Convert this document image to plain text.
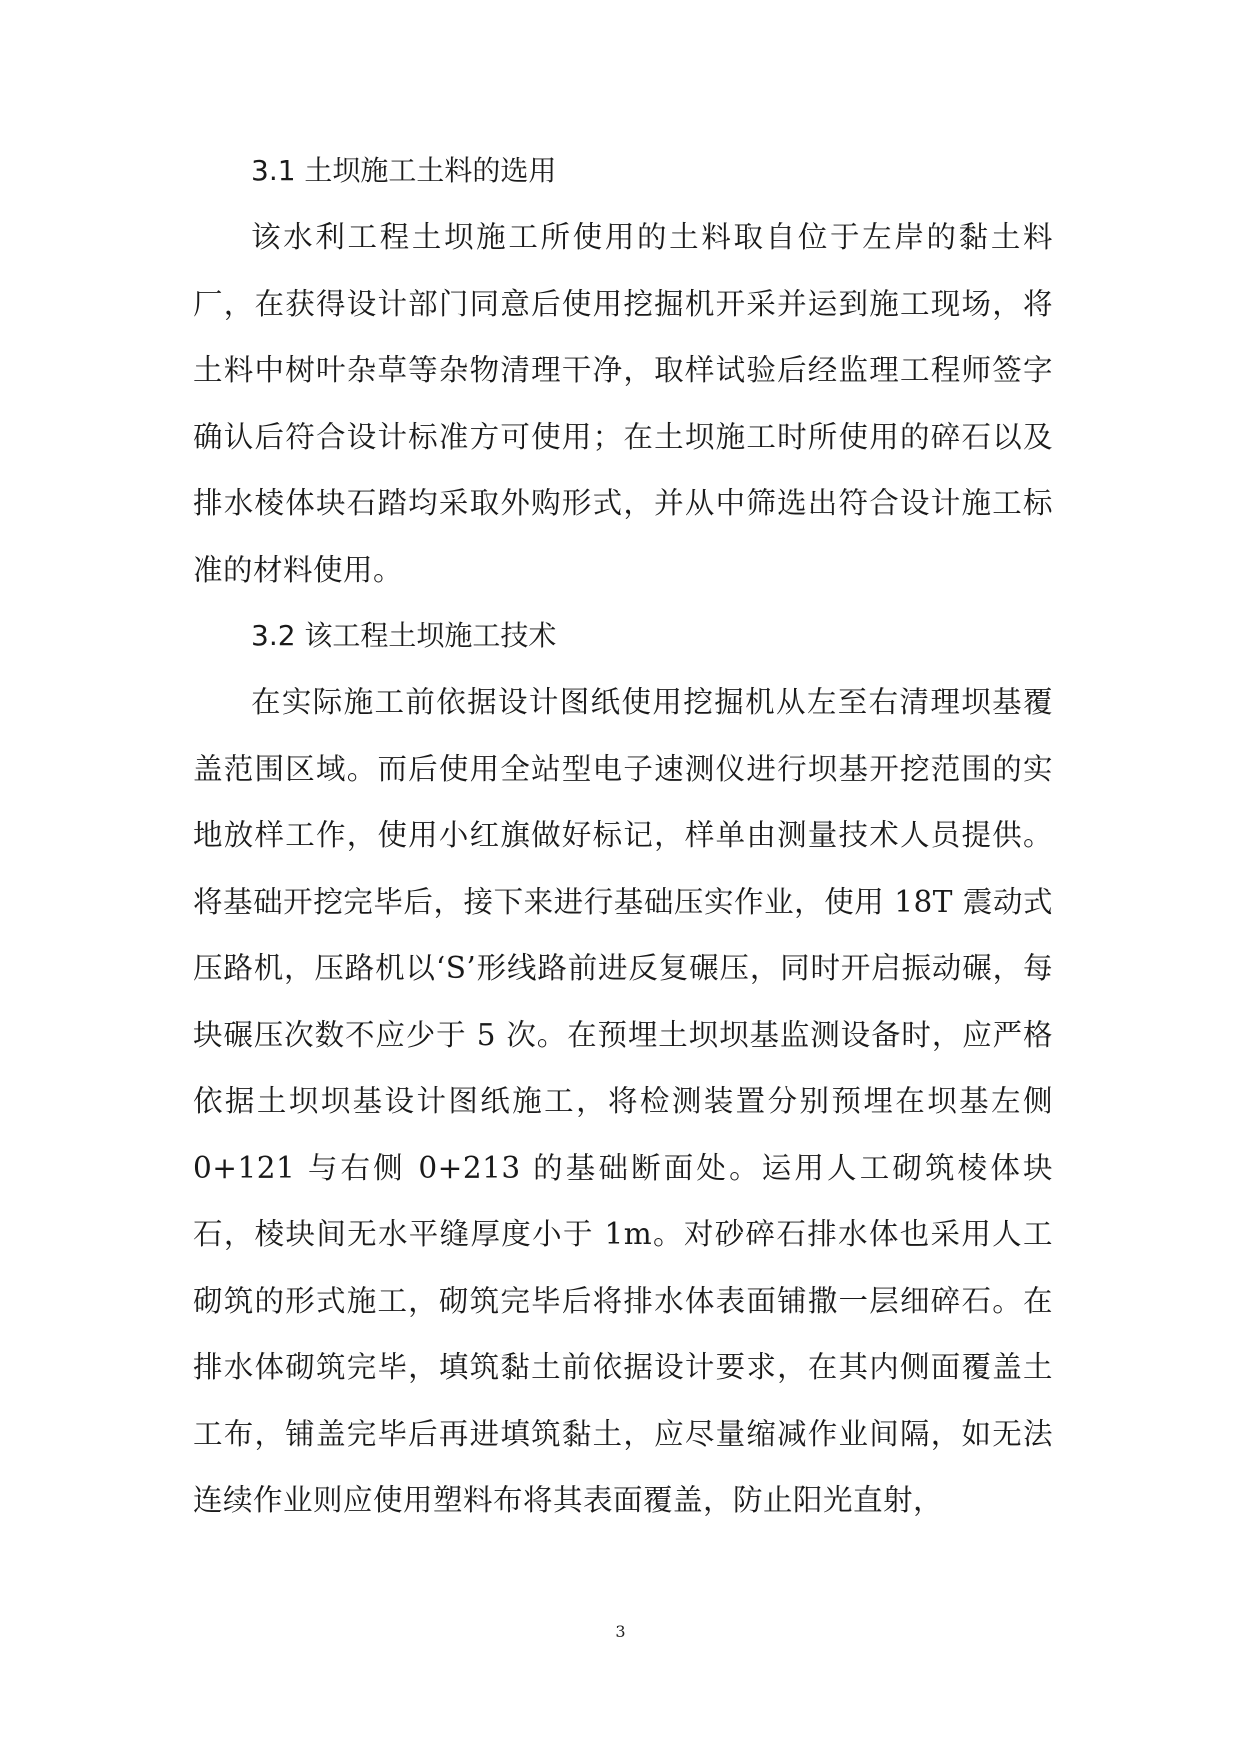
3.1 土坝施工土料的选用

该水利工程土坝施工所使用的土料取自位于左岸的黏土料厂，在获得设计部门同意后使用挖掘机开采并运到施工现场，将土料中树叶杂草等杂物清理干净，取样试验后经监理工程师签字确认后符合设计标准方可使用；在土坝施工时所使用的碎石以及排水棱体块石踏均采取外购形式，并从中筛选出符合设计施工标准的材料使用。

3.2 该工程土坝施工技术

在实际施工前依据设计图纸使用挖掘机从左至右清理坝基覆盖范围区域。而后使用全站型电子速测仪进行坝基开挖范围的实地放样工作，使用小红旗做好标记，样单由测量技术人员提供。将基础开挖完毕后，接下来进行基础压实作业，使用 18T 震动式压路机，压路机以‘S’形线路前进反复碾压，同时开启振动碾，每块碾压次数不应少于 5 次。在预埋土坝坝基监测设备时，应严格依据土坝坝基设计图纸施工，将检测装置分别预埋在坝基左侧 0+121 与右侧 0+213 的基础断面处。运用人工砌筑棱体块石，棱块间无水平缝厚度小于 1m。对砂碎石排水体也采用人工砌筑的形式施工，砌筑完毕后将排水体表面铺撒一层细碎石。在排水体砌筑完毕，填筑黏土前依据设计要求，在其内侧面覆盖土工布，铺盖完毕后再进填筑黏土，应尽量缩减作业间隔，如无法连续作业则应使用塑料布将其表面覆盖，防止阳光直射，

3
